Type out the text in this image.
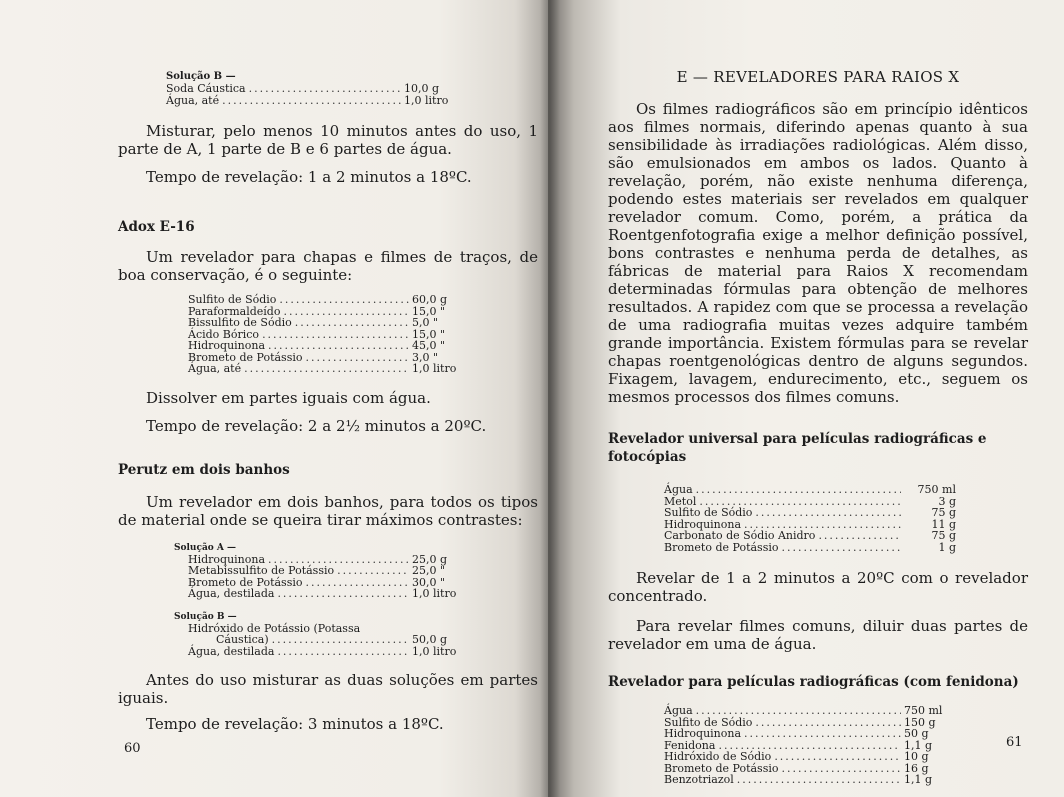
Solução B —
Soda Cáustica .....	10,0 g
Água, até .....	1,0 litro

Misturar, pelo menos 10 minutos antes do uso, 1 parte de A, 1 parte de B e 6 partes de água.

Tempo de revelação: 1 a 2 minutos a 18ºC.

Adox E-16

Um revelador para chapas e filmes de traços, de boa conservação, é o seguinte:

Sulfito de Sódio .....	60,0 g
Paraformaldeído .....	15,0 "
Bissulfito de Sódio .....	5,0 "
Ácido Bórico .....	15,0 "
Hidroquinona .....	45,0 "
Brometo de Potássio .....	3,0 "
Água, até .....	1,0 litro

Dissolver em partes iguais com água.

Tempo de revelação: 2 a 2½ minutos a 20ºC.

Perutz em dois banhos

Um revelador em dois banhos, para todos os tipos de material onde se queira tirar máximos contrastes:

Solução A —
Hidroquinona .....	25,0 g
Metabissulfito de Potássio .....	25,0 "
Brometo de Potássio .....	30,0 "
Água, destilada .....	1,0 litro
Solução B —
Hidróxido de Potássio (Potassa
Cáustica) .....	50,0 g
Água, destilada .....	1,0 litro

Antes do uso misturar as duas soluções em partes iguais.

Tempo de revelação: 3 minutos a 18ºC.

60
E — REVELADORES PARA RAIOS X

Os filmes radiográficos são em princípio idênticos aos filmes normais, diferindo apenas quanto à sua sensibilidade às irradiações radiológicas. Além disso, são emulsionados em ambos os lados. Quanto à revelação, porém, não existe nenhuma diferença, podendo estes materiais ser revelados em qualquer revelador comum. Como, porém, a prática da Roentgenfotografia exige a melhor definição possível, bons contrastes e nenhuma perda de detalhes, as fábricas de material para Raios X recomendam determinadas fórmulas para obtenção de melhores resultados. A rapidez com que se processa a revelação de uma radiografia muitas vezes adquire também grande importância. Existem fórmulas para se revelar chapas roentgenológicas dentro de alguns segundos. Fixagem, lavagem, endurecimento, etc., seguem os mesmos processos dos filmes comuns.

Revelador universal para películas radiográficas e fotocópias
Água .....	750 ml
Metol .....	3 g
Sulfito de Sódio .....	75 g
Hidroquinona .....	11 g
Carbonato de Sódio Anidro .....	75 g
Brometo de Potássio .....	1 g

Revelar de 1 a 2 minutos a 20ºC com o revelador concentrado.

Para revelar filmes comuns, diluir duas partes de revelador em uma de água.

Revelador para películas radiográficas (com fenidona)
Água .....	750 ml
Sulfito de Sódio .....	150 g
Hidroquinona .....	50 g
Fenidona .....	1,1 g
Hidróxido de Sódio .....	10 g
Brometo de Potássio .....	16 g
Benzotriazol .....	1,1 g
61
